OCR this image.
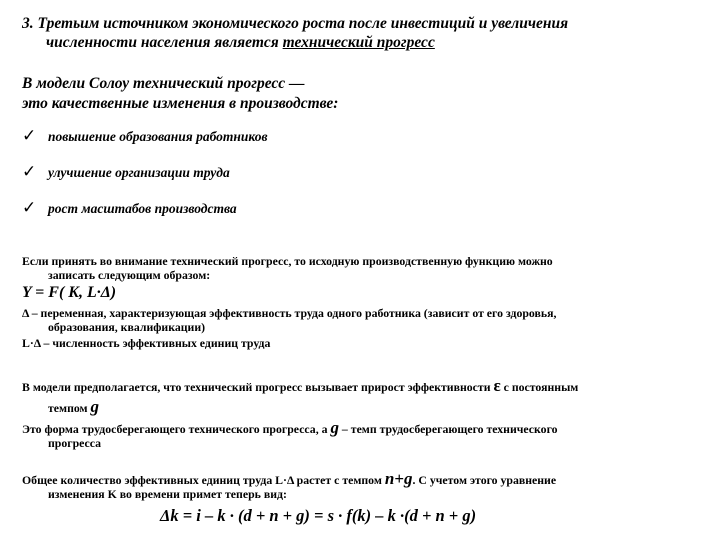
3. Третьим источником экономического роста после инвестиций и увеличения
численности населения является технический прогресс
В модели Солоу технический прогресс —
это качественные изменения в производстве:
✓ повышение образования работников
✓ улучшение организации труда
✓ рост масштабов производства
Если принять во внимание технический прогресс, то исходную производственную функцию можно
записать следующим образом:
Y = F( K, L·Δ)
Δ – переменная, характеризующая эффективность труда одного работника (зависит от его здоровья,
образования, квалификации)
L·Δ – численность эффективных единиц труда
В модели предполагается, что технический прогресс вызывает прирост эффективности ε с постоянным
темпом g
Это форма трудосберегающего технического прогресса, а g – темп трудосберегающего технического
прогресса
Общее количество эффективных единиц труда L·Δ растет с темпом n+g. С учетом этого уравнение
изменения K во времени примет теперь вид:
Δk = i – k · (d + n + g) = s · f(k) – k ·(d + n + g)
